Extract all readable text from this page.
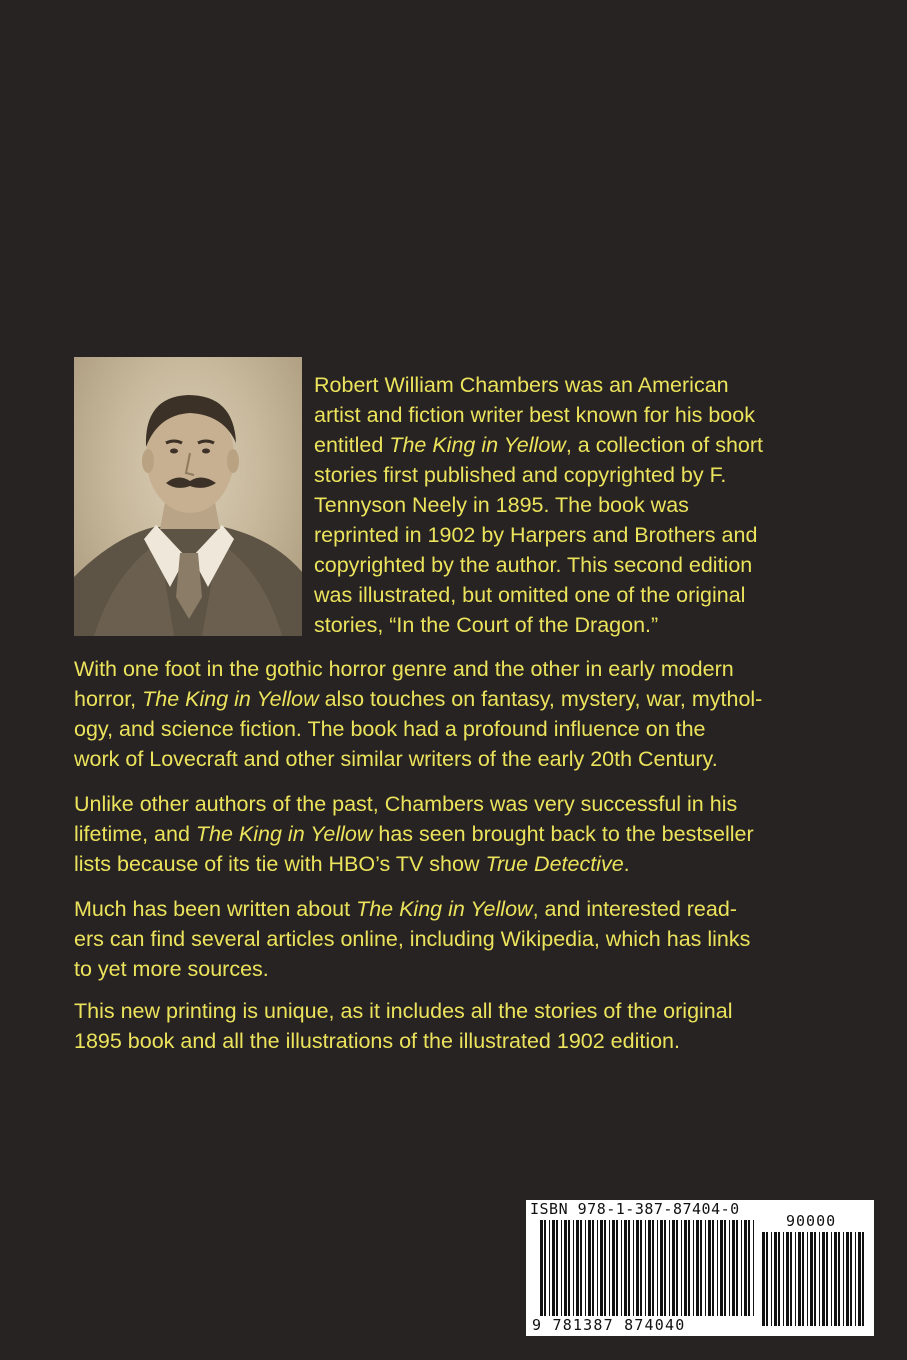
Robert William Chambers was an American
artist and fiction writer best known for his book
entitled The King in Yellow, a collection of short
stories first published and copyrighted by F.
Tennyson Neely in 1895. The book was
reprinted in 1902 by Harpers and Brothers and
copyrighted by the author. This second edition
was illustrated, but omitted one of the original
stories, “In the Court of the Dragon.”

With one foot in the gothic horror genre and the other in early modern
horror, The King in Yellow also touches on fantasy, mystery, war, mythol-
ogy, and science fiction. The book had a profound influence on the
work of Lovecraft and other similar writers of the early 20th Century.

Unlike other authors of the past, Chambers was very successful in his
lifetime, and The King in Yellow has seen brought back to the bestseller
lists because of its tie with HBO’s TV show True Detective.

Much has been written about The King in Yellow, and interested read-
ers can find several articles online, including Wikipedia, which has links
to yet more sources.

This new printing is unique, as it includes all the stories of the original
1895 book and all the illustrations of the illustrated 1902 edition.

ISBN 978-1-387-87404-0
90000
9 781387 874040
